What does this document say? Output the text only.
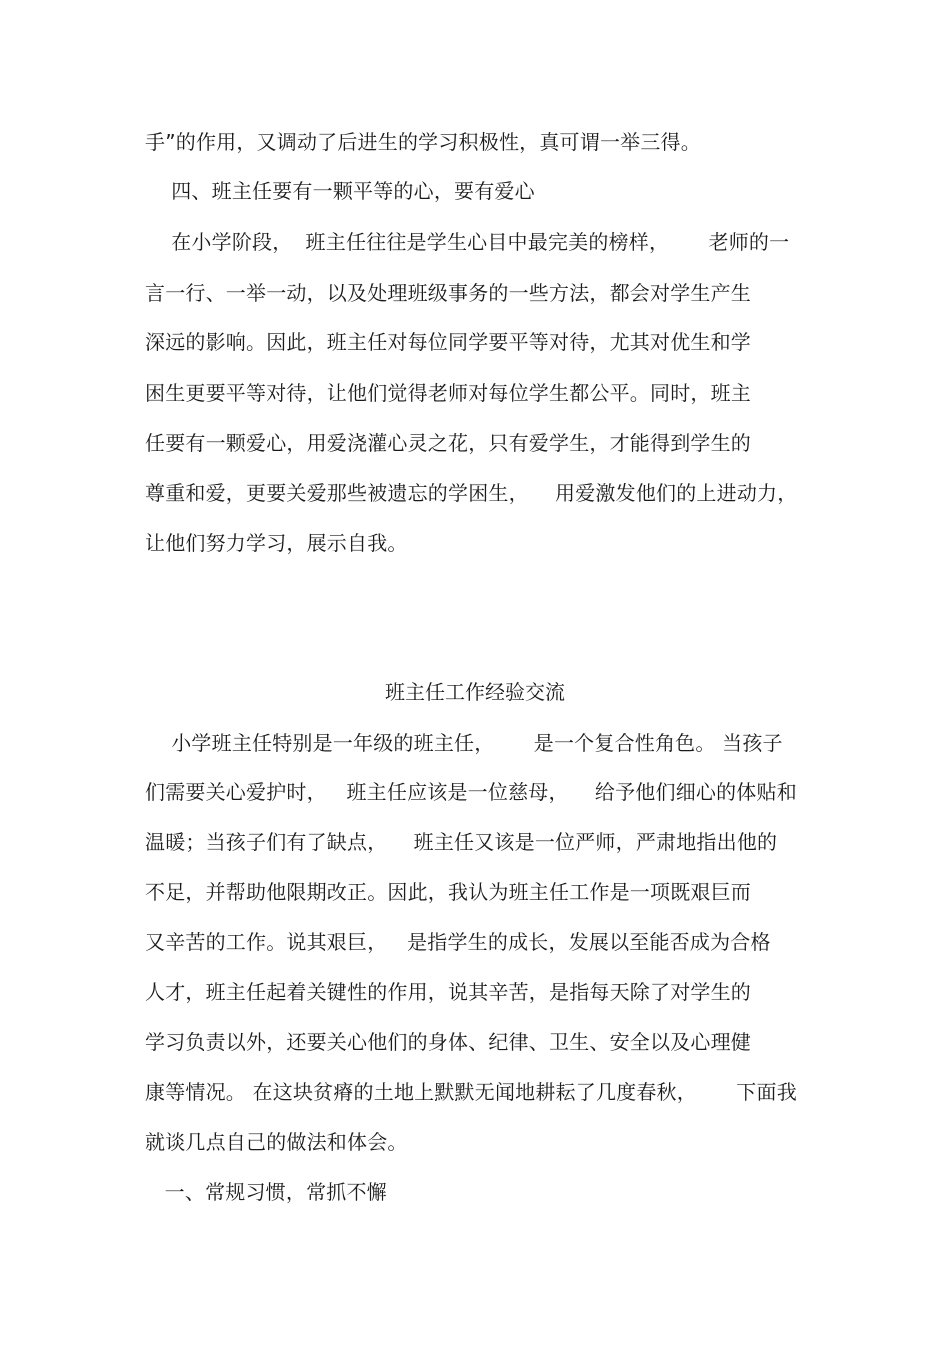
手”的作用，又调动了后进生的学习积极性，真可谓一举三得。
四、班主任要有一颗平等的心，要有爱心
在小学阶段，  班主任往往是学生心目中最完美的榜样，      老师的一
言一行、一举一动，以及处理班级事务的一些方法，都会对学生产生
深远的影响。因此，班主任对每位同学要平等对待，尤其对优生和学
困生更要平等对待，让他们觉得老师对每位学生都公平。同时，班主
任要有一颗爱心，用爱浇灌心灵之花，只有爱学生，才能得到学生的
尊重和爱，更要关爱那些被遗忘的学困生，    用爱激发他们的上进动力，
让他们努力学习，展示自我。
班主任工作经验交流
小学班主任特别是一年级的班主任，      是一个复合性角色。 当孩子
们需要关心爱护时，   班主任应该是一位慈母，    给予他们细心的体贴和
温暖；当孩子们有了缺点，    班主任又该是一位严师，严肃地指出他的
不足，并帮助他限期改正。因此，我认为班主任工作是一项既艰巨而
又辛苦的工作。说其艰巨，   是指学生的成长，发展以至能否成为合格
人才，班主任起着关键性的作用，说其辛苦，是指每天除了对学生的
学习负责以外，还要关心他们的身体、纪律、卫生、安全以及心理健
康等情况。 在这块贫瘠的土地上默默无闻地耕耘了几度春秋，      下面我
就谈几点自己的做法和体会。
一、常规习惯，常抓不懈
